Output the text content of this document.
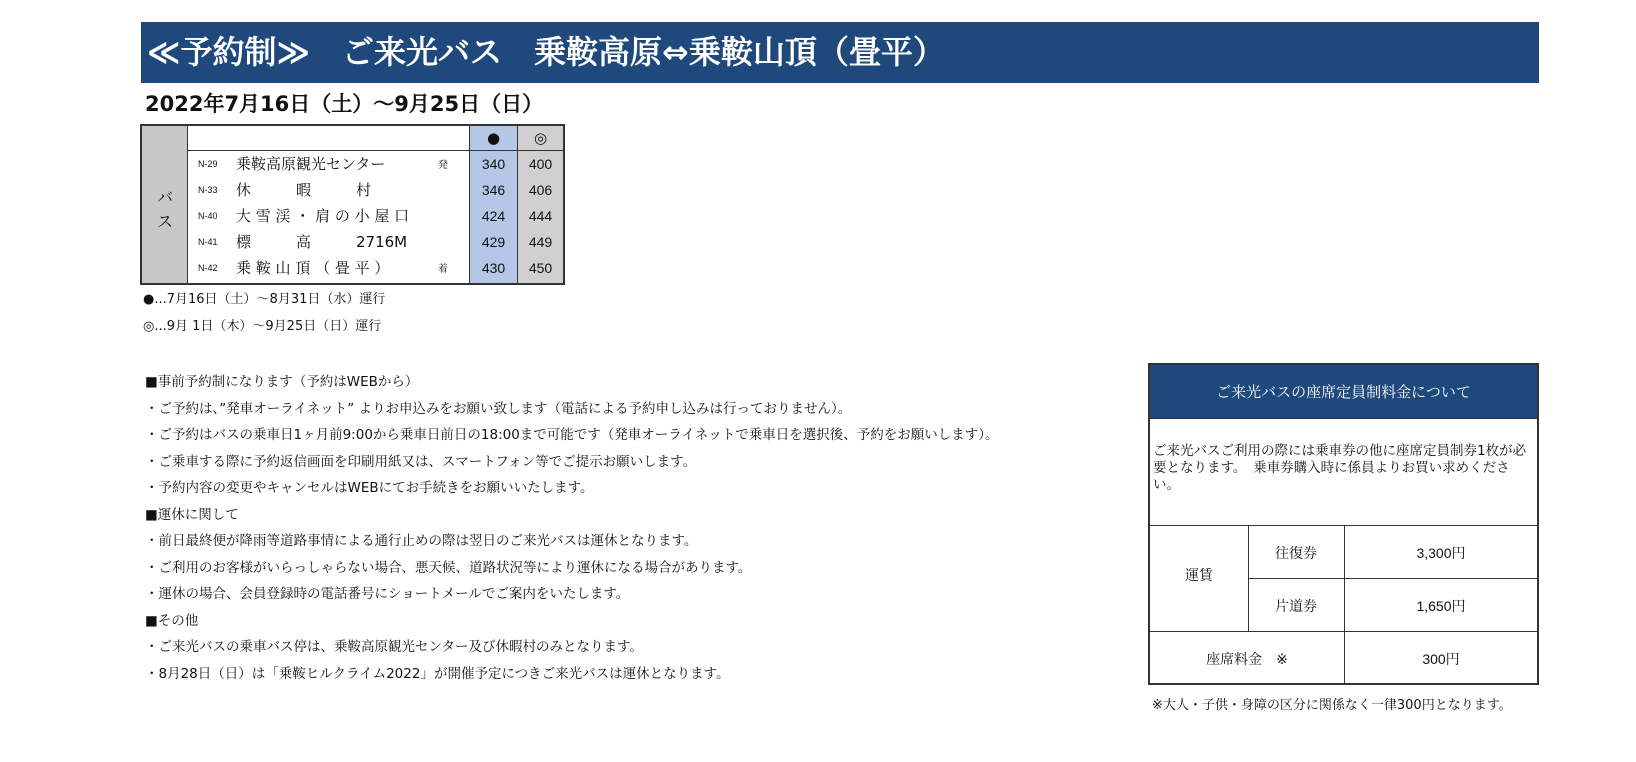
≪予約制≫　ご来光バス　乗鞍高原⇔乗鞍山頂（畳平）
2022年7月16日（土）～9月25日（日）
バス
●	◎
N-29 乗鞍高原観光センター	発	340	400
N-33 休　　　暇　　　村	346	406
N-40 大 雪 渓 ・ 肩 の 小 屋 口	424	444
N-41 標　　　高　　　2716M	429	449
N-42 乗 鞍 山 頂 （ 畳 平 ）	着	430	450
●...7月16日（土）～8月31日（水）運行
◎...9月 1日（木）～9月25日（日）運行
■事前予約制になります（予約はWEBから）
・ご予約は、”発車オーライネット” よりお申込みをお願い致します（電話による予約申し込みは行っておりません）。
・ご予約はバスの乗車日1ヶ月前9:00から乗車日前日の18:00まで可能です（発車オーライネットで乗車日を選択後、予約をお願いします）。
・ご乗車する際に予約返信画面を印刷用紙又は、スマートフォン等でご提示お願いします。
・予約内容の変更やキャンセルはWEBにてお手続きをお願いいたします。
■運休に関して
・前日最終便が降雨等道路事情による通行止めの際は翌日のご来光バスは運休となります。
・ご利用のお客様がいらっしゃらない場合、悪天候、道路状況等により運休になる場合があります。
・運休の場合、会員登録時の電話番号にショートメールでご案内をいたします。
■その他
・ご来光バスの乗車バス停は、乗鞍高原観光センター及び休暇村のみとなります。
・8月28日（日）は「乗鞍ヒルクライム2022」が開催予定につきご来光バスは運休となります。
ご来光バスの座席定員制料金について
ご来光バスご利用の際には乗車券の他に座席定員制券1枚が必要となります。　乗車券購入時に係員よりお買い求めください。
運賃
往復券	3,300円
片道券	1,650円
座席料金　※	300円
※大人・子供・身障の区分に関係なく一律300円となります。
